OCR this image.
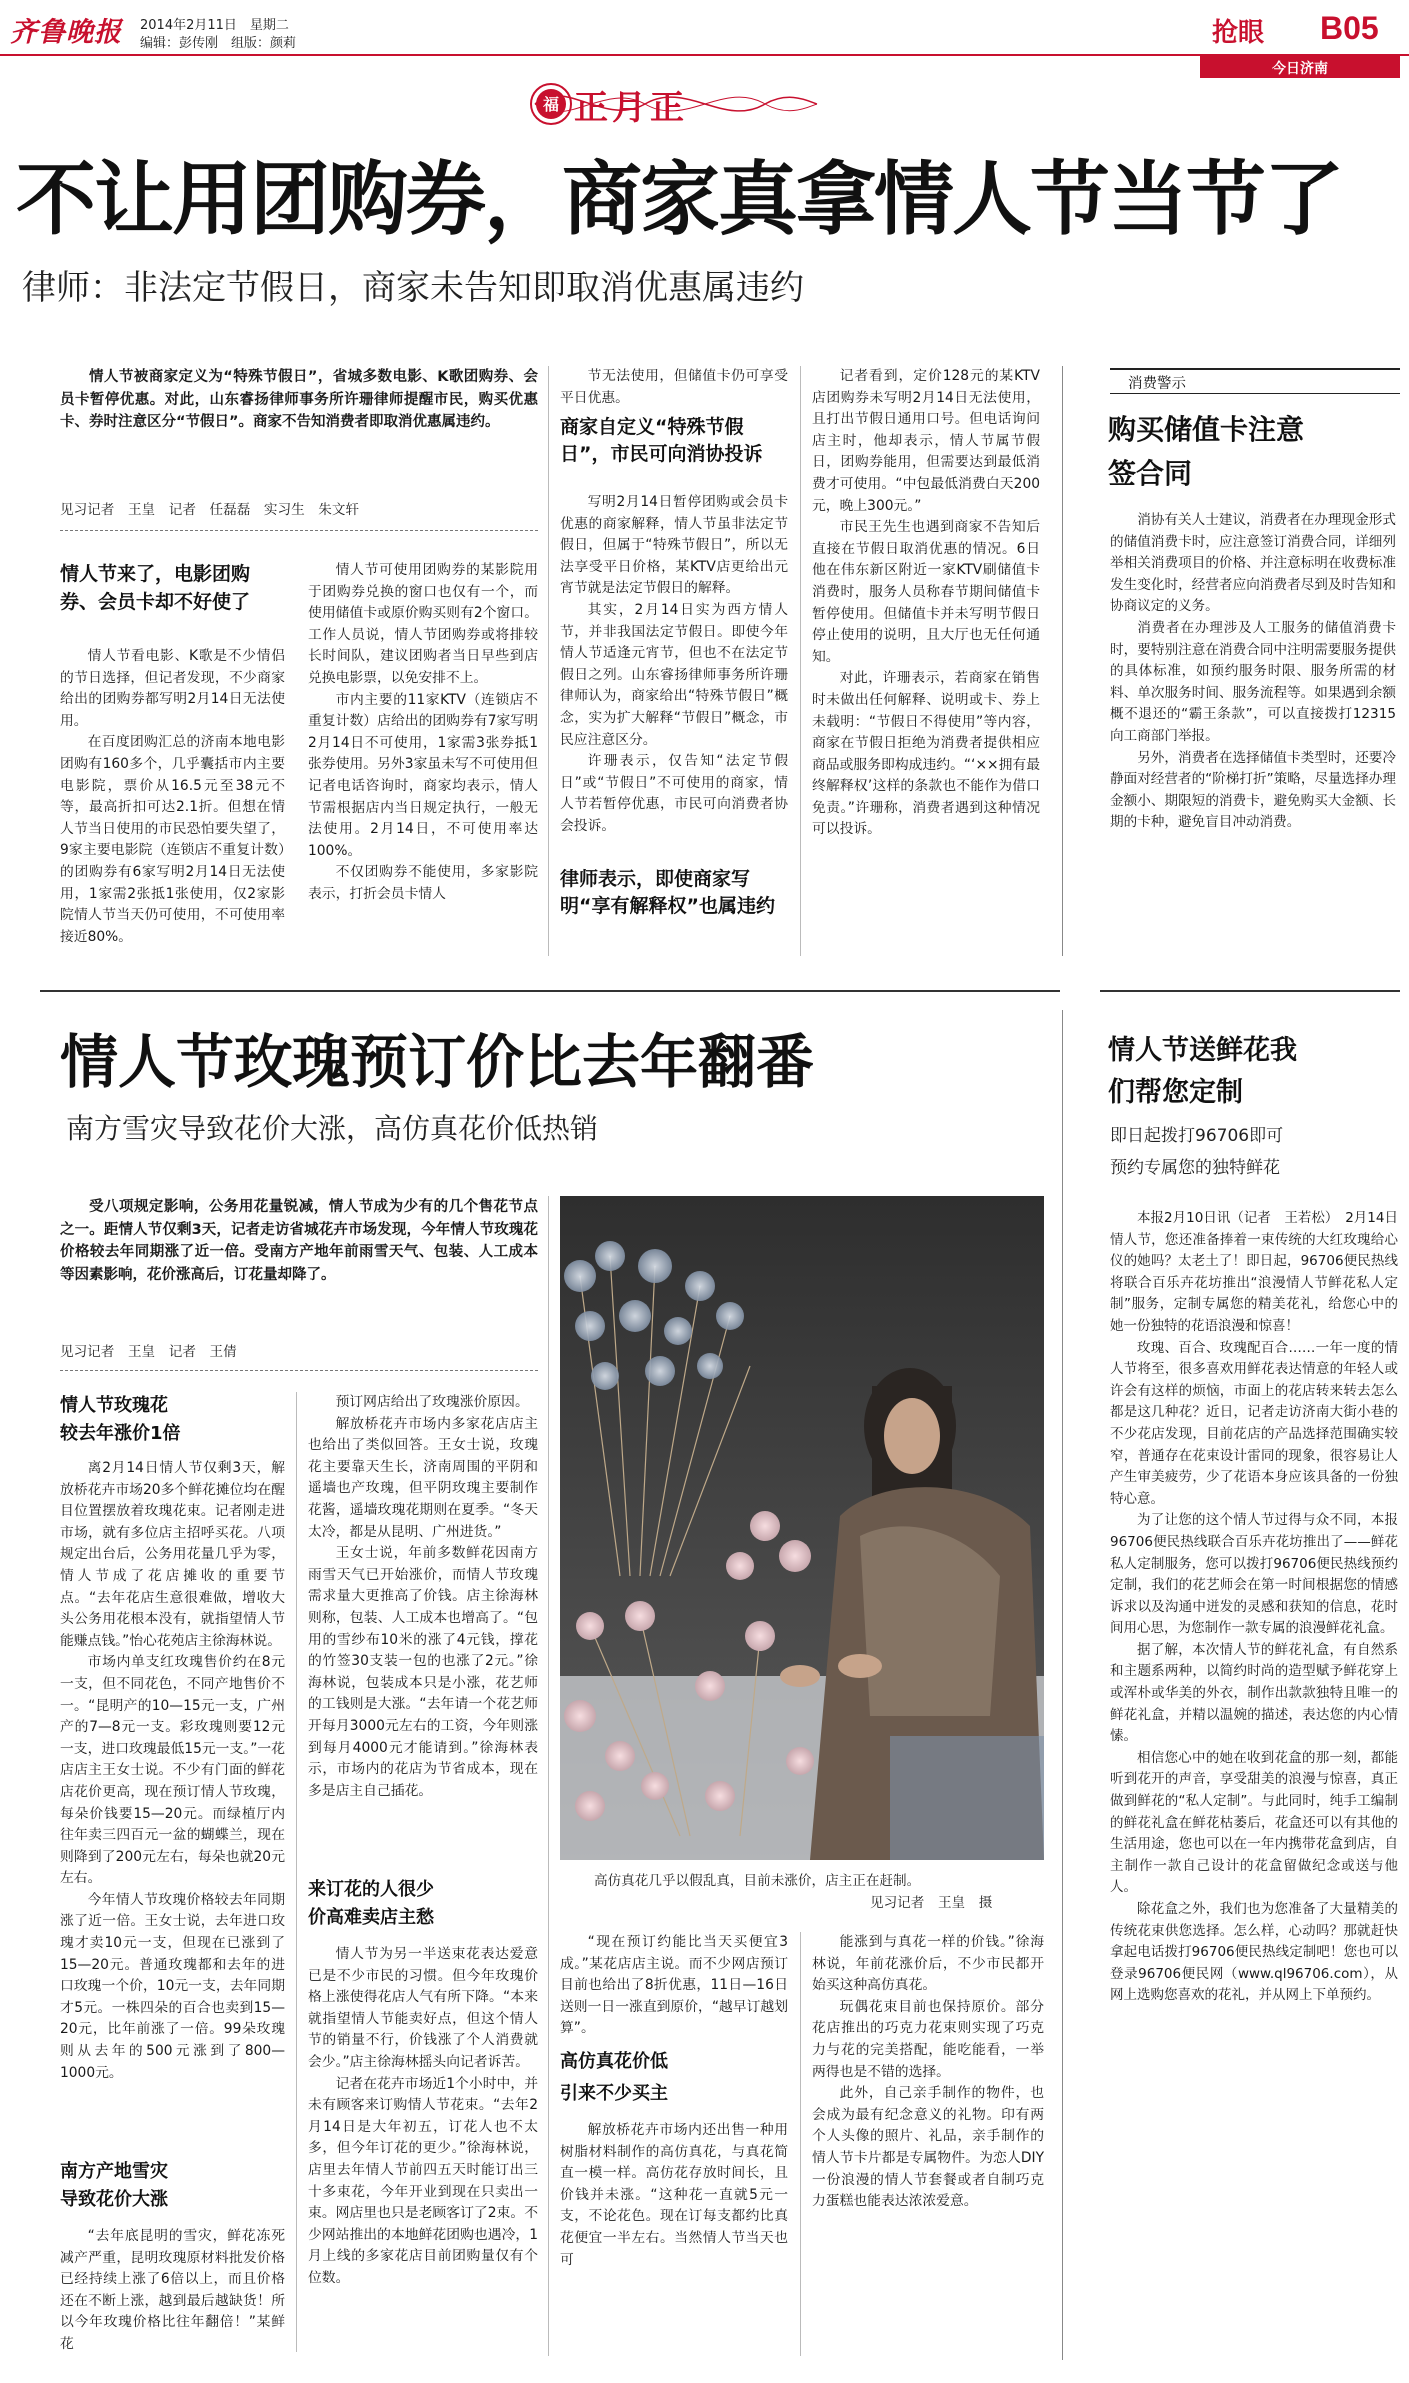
齐鲁晚报	2014年2月11日　星期二
编辑：彭传刚　组版：颜莉	抢眼 B05
今日济南
福 正月正
不让用团购券，商家真拿情人节当节了
律师：非法定节假日，商家未告知即取消优惠属违约
情人节被商家定义为“特殊节假日”，省城多数电影、K歌团购券、会员卡暂停优惠。对此，山东睿扬律师事务所许珊律师提醒市民，购买优惠卡、券时注意区分“节假日”。商家不告知消费者即取消优惠属违约。
见习记者　王皇　记者　任磊磊　实习生　朱文轩
情人节来了，电影团购券、会员卡却不好使了

情人节看电影、K歌是不少情侣的节日选择，但记者发现，不少商家给出的团购券都写明2月14日无法使用。

在百度团购汇总的济南本地电影团购有160多个，几乎囊括市内主要电影院，票价从16.5元至38元不等，最高折扣可达2.1折。但想在情人节当日使用的市民恐怕要失望了，9家主要电影院（连锁店不重复计数）的团购券有6家写明2月14日无法使用，1家需2张抵1张使用，仅2家影院情人节当天仍可使用，不可使用率接近80%。

情人节可使用团购券的某影院用于团购券兑换的窗口也仅有一个，而使用储值卡或原价购买则有2个窗口。工作人员说，情人节团购券或将排较长时间队，建议团购者当日早些到店兑换电影票，以免安排不上。

市内主要的11家KTV（连锁店不重复计数）店给出的团购券有7家写明2月14日不可使用，1家需3张券抵1张券使用。另外3家虽未写不可使用但记者电话咨询时，商家均表示，情人节需根据店内当日规定执行，一般无法使用。2月14日，不可使用率达100%。

不仅团购券不能使用，多家影院表示，打折会员卡情人

节无法使用，但储值卡仍可享受平日优惠。

商家自定义“特殊节假日”，市民可向消协投诉

写明2月14日暂停团购或会员卡优惠的商家解释，情人节虽非法定节假日，但属于“特殊节假日”，所以无法享受平日价格，某KTV店更给出元宵节就是法定节假日的解释。

其实，2月14日实为西方情人节，并非我国法定节假日。即使今年情人节适逢元宵节，但也不在法定节假日之列。山东睿扬律师事务所许珊律师认为，商家给出“特殊节假日”概念，实为扩大解释“节假日”概念，市民应注意区分。

许珊表示，仅告知“法定节假日”或“节假日”不可使用的商家，情人节若暂停优惠，市民可向消费者协会投诉。

律师表示，即使商家写明“享有解释权”也属违约

记者看到，定价128元的某KTV店团购券未写明2月14日无法使用，且打出节假日通用口号。但电话询问店主时，他却表示，情人节属节假日，团购券能用，但需要达到最低消费才可使用。“中包最低消费白天200元，晚上300元。”

市民王先生也遇到商家不告知后直接在节假日取消优惠的情况。6日他在伟东新区附近一家KTV刷储值卡消费时，服务人员称春节期间储值卡暂停使用。但储值卡并未写明节假日停止使用的说明，且大厅也无任何通知。

对此，许珊表示，若商家在销售时未做出任何解释、说明或卡、券上未载明：“节假日不得使用”等内容，商家在节假日拒绝为消费者提供相应商品或服务即构成违约。“‘××拥有最终解释权’这样的条款也不能作为借口免责。”许珊称，消费者遇到这种情况可以投诉。

消费警示
购买储值卡注意签合同

消协有关人士建议，消费者在办理现金形式的储值消费卡时，应注意签订消费合同，详细列举相关消费项目的价格、并注意标明在收费标准发生变化时，经营者应向消费者尽到及时告知和协商议定的义务。

消费者在办理涉及人工服务的储值消费卡时，要特别注意在消费合同中注明需要服务提供的具体标准，如预约服务时限、服务所需的材料、单次服务时间、服务流程等。如果遇到余额概不退还的“霸王条款”，可以直接拨打12315向工商部门举报。

另外，消费者在选择储值卡类型时，还要冷静面对经营者的“阶梯打折”策略，尽量选择办理金额小、期限短的消费卡，避免购买大金额、长期的卡种，避免盲目冲动消费。

情人节玫瑰预订价比去年翻番
南方雪灾导致花价大涨，高仿真花价低热销
受八项规定影响，公务用花量锐减，情人节成为少有的几个售花节点之一。距情人节仅剩3天，记者走访省城花卉市场发现，今年情人节玫瑰花价格较去年同期涨了近一倍。受南方产地年前雨雪天气、包装、人工成本等因素影响，花价涨高后，订花量却降了。
见习记者　王皇　记者　王倩
情人节玫瑰花
较去年涨价1倍

离2月14日情人节仅剩3天，解放桥花卉市场20多个鲜花摊位均在醒目位置摆放着玫瑰花束。记者刚走进市场，就有多位店主招呼买花。八项规定出台后，公务用花量几乎为零，情人节成了花店摊收的重要节点。“去年花店生意很难做，增收大头公务用花根本没有，就指望情人节能赚点钱。”怡心花苑店主徐海林说。

市场内单支红玫瑰售价约在8元一支，但不同花色，不同产地售价不一。“昆明产的10—15元一支，广州产的7—8元一支。彩玫瑰则要12元一支，进口玫瑰最低15元一支。”一花店店主王女士说。不少有门面的鲜花店花价更高，现在预订情人节玫瑰，每朵价钱要15—20元。而绿植厅内往年卖三四百元一盆的蝴蝶兰，现在则降到了200元左右，每朵也就20元左右。

今年情人节玫瑰价格较去年同期涨了近一倍。王女士说，去年进口玫瑰才卖10元一支，但现在已涨到了15—20元。普通玫瑰都和去年的进口玫瑰一个价，10元一支，去年同期才5元。一株四朵的百合也卖到15—20元，比年前涨了一倍。99朵玫瑰则从去年的500元涨到了800—1000元。

南方产地雪灾
导致花价大涨

“去年底昆明的雪灾，鲜花冻死减产严重，昆明玫瑰原材料批发价格已经持续上涨了6倍以上，而且价格还在不断上涨，越到最后越缺货！所以今年玫瑰价格比往年翻倍！”某鲜花

预订网店给出了玫瑰涨价原因。

解放桥花卉市场内多家花店店主也给出了类似回答。王女士说，玫瑰花主要靠天生长，济南周围的平阴和遥墙也产玫瑰，但平阴玫瑰主要制作花酱，遥墙玫瑰花期则在夏季。“冬天太冷，都是从昆明、广州进货。”

王女士说，年前多数鲜花因南方雨雪天气已开始涨价，而情人节玫瑰需求量大更推高了价钱。店主徐海林则称，包装、人工成本也增高了。“包用的雪纱布10米的涨了4元钱，撑花的竹签30支装一包的也涨了2元。”徐海林说，包装成本只是小涨，花艺师的工钱则是大涨。“去年请一个花艺师开每月3000元左右的工资，今年则涨到每月4000元才能请到。”徐海林表示，市场内的花店为节省成本，现在多是店主自己插花。

来订花的人很少
价高难卖店主愁

情人节为另一半送束花表达爱意已是不少市民的习惯。但今年玫瑰价格上涨使得花店人气有所下降。“本来就指望情人节能卖好点，但这个情人节的销量不行，价钱涨了个人消费就会少。”店主徐海林摇头向记者诉苦。

记者在花卉市场近1个小时中，并未有顾客来订购情人节花束。“去年2月14日是大年初五，订花人也不太多，但今年订花的更少。”徐海林说，店里去年情人节前四五天时能订出三十多束花，今年开业到现在只卖出一束。网店里也只是老顾客订了2束。不少网站推出的本地鲜花团购也遇冷，1月上线的多家花店目前团购量仅有个位数。

高仿真花几乎以假乱真，目前未涨价，店主正在赶制。
见习记者　王皇　摄

“现在预订约能比当天买便宜3成。”某花店店主说。而不少网店预订目前也给出了8折优惠，11日—16日送则一日一涨直到原价，“越早订越划算”。

高仿真花价低
引来不少买主

解放桥花卉市场内还出售一种用树脂材料制作的高仿真花，与真花简直一模一样。高仿花存放时间长，且价钱并未涨。“这种花一直就5元一支，不论花色。现在订每支都约比真花便宜一半左右。当然情人节当天也可

能涨到与真花一样的价钱。”徐海林说，年前花涨价后，不少市民都开始买这种高仿真花。

玩偶花束目前也保持原价。部分花店推出的巧克力花束则实现了巧克力与花的完美搭配，能吃能看，一举两得也是不错的选择。

此外，自己亲手制作的物件，也会成为最有纪念意义的礼物。印有两个人头像的照片、礼品，亲手制作的情人节卡片都是专属物件。为恋人DIY一份浪漫的情人节套餐或者自制巧克力蛋糕也能表达浓浓爱意。

情人节送鲜花我们帮您定制
即日起拨打96706即可
预约专属您的独特鲜花

本报2月10日讯（记者　王若松）　2月14日情人节，您还准备捧着一束传统的大红玫瑰给心仪的她吗？太老土了！即日起，96706便民热线将联合百乐卉花坊推出“浪漫情人节鲜花私人定制”服务，定制专属您的精美花礼，给您心中的她一份独特的花语浪漫和惊喜！

玫瑰、百合、玫瑰配百合……一年一度的情人节将至，很多喜欢用鲜花表达情意的年轻人或许会有这样的烦恼，市面上的花店转来转去怎么都是这几种花？近日，记者走访济南大街小巷的不少花店发现，目前花店的产品选择范围确实较窄，普通存在花束设计雷同的现象，很容易让人产生审美疲劳，少了花语本身应该具备的一份独特心意。

为了让您的这个情人节过得与众不同，本报96706便民热线联合百乐卉花坊推出了——鲜花私人定制服务，您可以拨打96706便民热线预约定制，我们的花艺师会在第一时间根据您的情感诉求以及沟通中迸发的灵感和获知的信息，花时间用心思，为您制作一款专属的浪漫鲜花礼盒。

据了解，本次情人节的鲜花礼盒，有自然系和主题系两种，以简约时尚的造型赋予鲜花穿上或浑朴或华美的外衣，制作出款款独特且唯一的鲜花礼盒，并精以温婉的描述，表达您的内心情愫。

相信您心中的她在收到花盒的那一刻，都能听到花开的声音，享受甜美的浪漫与惊喜，真正做到鲜花的“私人定制”。与此同时，纯手工编制的鲜花礼盒在鲜花枯萎后，花盒还可以有其他的生活用途，您也可以在一年内携带花盒到店，自主制作一款自己设计的花盒留做纪念或送与他人。

除花盒之外，我们也为您准备了大量精美的传统花束供您选择。怎么样，心动吗？那就赶快拿起电话拨打96706便民热线定制吧！您也可以登录96706便民网（www.ql96706.com），从网上选购您喜欢的花礼，并从网上下单预约。
